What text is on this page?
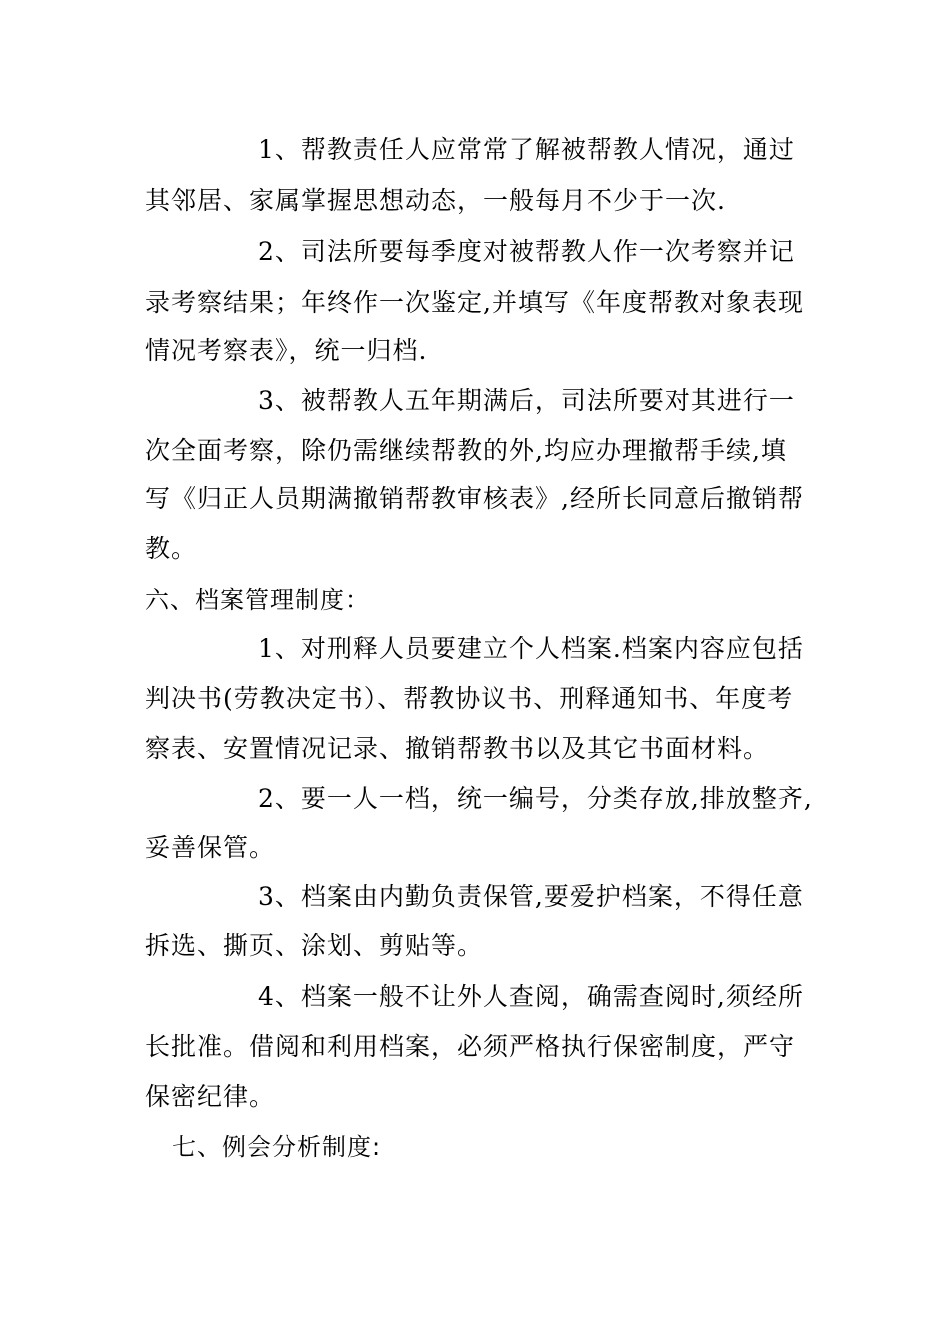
1、帮教责任人应常常了解被帮教人情况，通过
其邻居、家属掌握思想动态，一般每月不少于一次.
2、司法所要每季度对被帮教人作一次考察并记
录考察结果；年终作一次鉴定,并填写《年度帮教对象表现
情况考察表》，统一归档.
3、被帮教人五年期满后，司法所要对其进行一
次全面考察，除仍需继续帮教的外,均应办理撤帮手续,填
写《归正人员期满撤销帮教审核表》,经所长同意后撤销帮
教。
六、档案管理制度：
1、对刑释人员要建立个人档案.档案内容应包括
判决书(劳教决定书）、帮教协议书、刑释通知书、年度考
察表、安置情况记录、撤销帮教书以及其它书面材料。
2、要一人一档，统一编号，分类存放,排放整齐,
妥善保管。
3、档案由内勤负责保管,要爱护档案，不得任意
拆选、撕页、涂划、剪贴等。
4、档案一般不让外人查阅，确需查阅时,须经所
长批准。借阅和利用档案，必须严格执行保密制度，严守
保密纪律。
七、例会分析制度:
